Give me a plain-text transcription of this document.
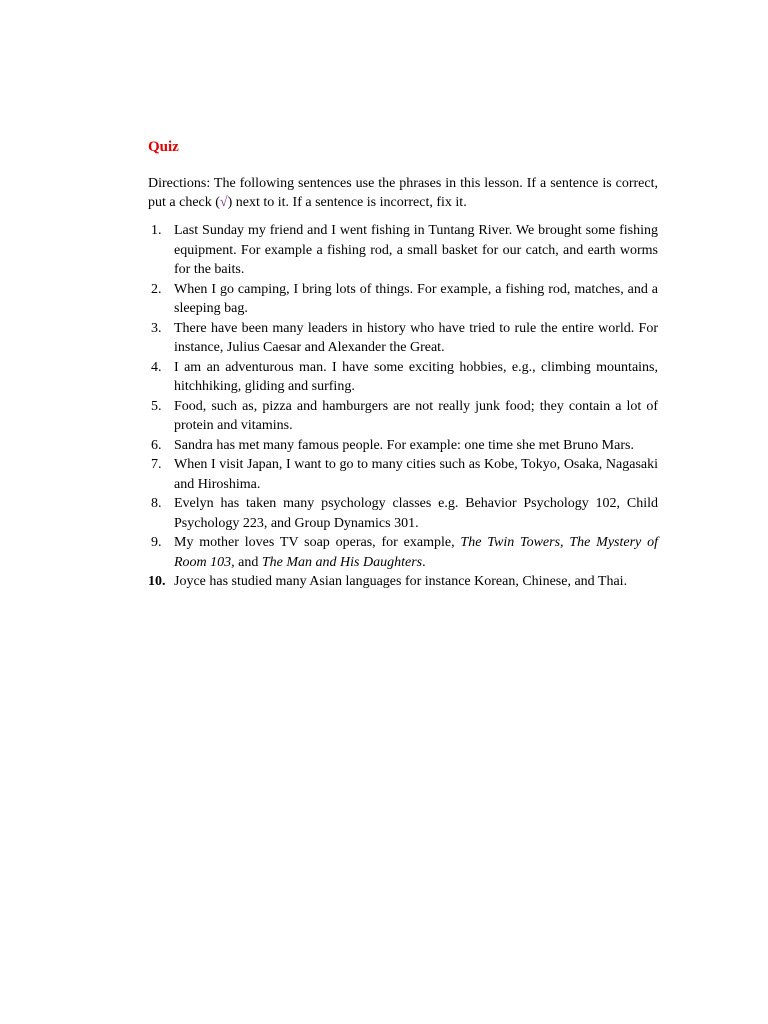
Quiz

Directions: The following sentences use the phrases in this lesson. If a sentence is correct, put a check (√) next to it. If a sentence is incorrect, fix it.

1. Last Sunday my friend and I went fishing in Tuntang River. We brought some fishing equipment. For example a fishing rod, a small basket for our catch, and earth worms for the baits.
2. When I go camping, I bring lots of things. For example, a fishing rod, matches, and a sleeping bag.
3. There have been many leaders in history who have tried to rule the entire world. For instance, Julius Caesar and Alexander the Great.
4. I am an adventurous man. I have some exciting hobbies, e.g., climbing mountains, hitchhiking, gliding and surfing.
5. Food, such as, pizza and hamburgers are not really junk food; they contain a lot of protein and vitamins.
6. Sandra has met many famous people. For example: one time she met Bruno Mars.
7. When I visit Japan, I want to go to many cities such as Kobe, Tokyo, Osaka, Nagasaki and Hiroshima.
8. Evelyn has taken many psychology classes e.g. Behavior Psychology 102, Child Psychology 223, and Group Dynamics 301.
9. My mother loves TV soap operas, for example, The Twin Towers, The Mystery of Room 103, and The Man and His Daughters.
10. Joyce has studied many Asian languages for instance Korean, Chinese, and Thai.
